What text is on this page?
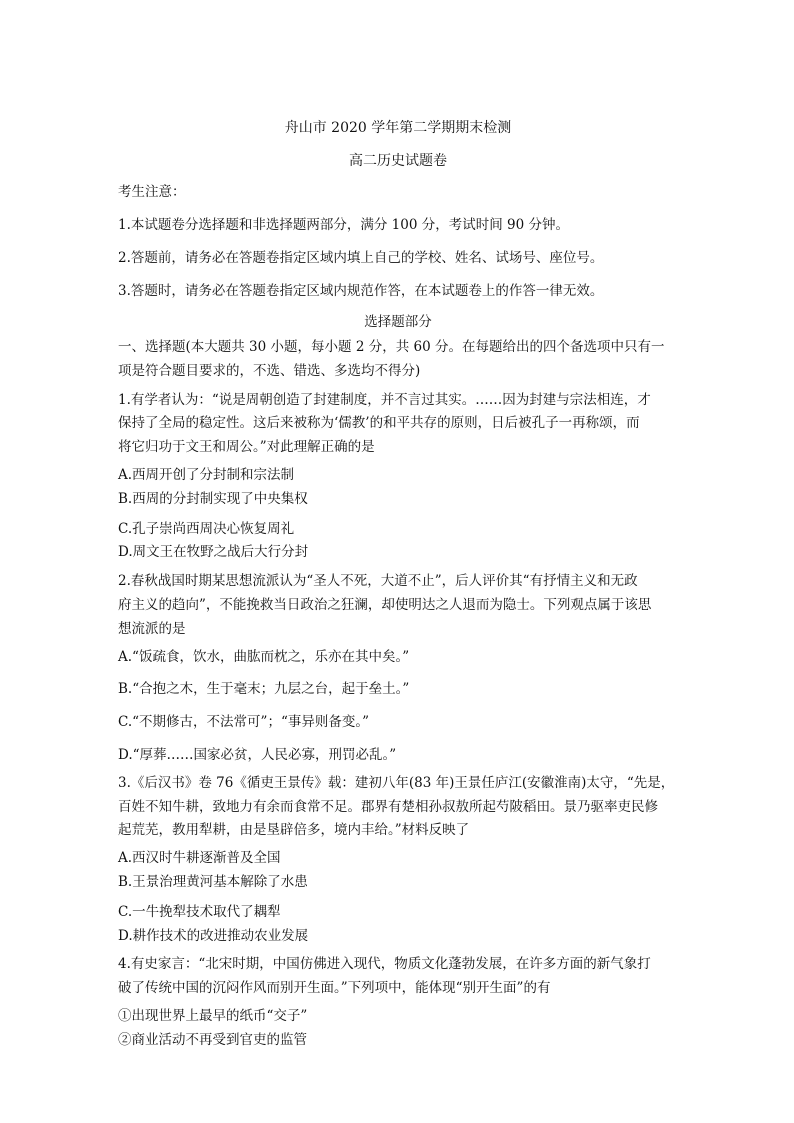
舟山市 2020 学年第二学期期末检测

高二历史试题卷

考生注意：

1.本试题卷分选择题和非选择题两部分，满分 100 分，考试时间 90 分钟。

2.答题前，请务必在答题卷指定区域内填上自己的学校、姓名、试场号、座位号。

3.答题时，请务必在答题卷指定区域内规范作答，在本试题卷上的作答一律无效。

选择题部分

一、选择题(本大题共 30 小题，每小题 2 分，共 60 分。在每题给出的四个备选项中只有一
项是符合题目要求的，不选、错选、多选均不得分)
1.有学者认为：“说是周朝创造了封建制度，并不言过其实。……因为封建与宗法相连，才
保持了全局的稳定性。这后来被称为‘儒教’的和平共存的原则，日后被孔子一再称颂，而
将它归功于文王和周公。”对此理解正确的是
A.西周开创了分封制和宗法制
B.西周的分封制实现了中央集权
C.孔子崇尚西周决心恢复周礼
D.周文王在牧野之战后大行分封
2.春秋战国时期某思想流派认为“圣人不死，大道不止”，后人评价其“有抒情主义和无政
府主义的趋向”，不能挽救当日政治之狂澜，却使明达之人退而为隐士。下列观点属于该思
想流派的是
A.“饭疏食，饮水，曲肱而枕之，乐亦在其中矣。”
B.“合抱之木，生于毫末；九层之台，起于垒土。”
C.“不期修古，不法常可”；“事异则备变。”
D.“厚葬……国家必贫，人民必寡，刑罚必乱。”
3.《后汉书》卷 76《循吏王景传》载：建初八年(83 年)王景任庐江(安徽淮南)太守，“先是，
百姓不知牛耕，致地力有余而食常不足。郡界有楚相孙叔敖所起芍陂稻田。景乃驱率吏民修
起荒芜，教用犁耕，由是垦辟倍多，境内丰给。”材料反映了
A.西汉时牛耕逐渐普及全国
B.王景治理黄河基本解除了水患
C.一牛挽犁技术取代了耦犁
D.耕作技术的改进推动农业发展
4.有史家言：“北宋时期，中国仿佛进入现代，物质文化蓬勃发展，在许多方面的新气象打
破了传统中国的沉闷作风而别开生面。”下列项中，能体现“别开生面”的有
①出现世界上最早的纸币“交子”
②商业活动不再受到官吏的监管
